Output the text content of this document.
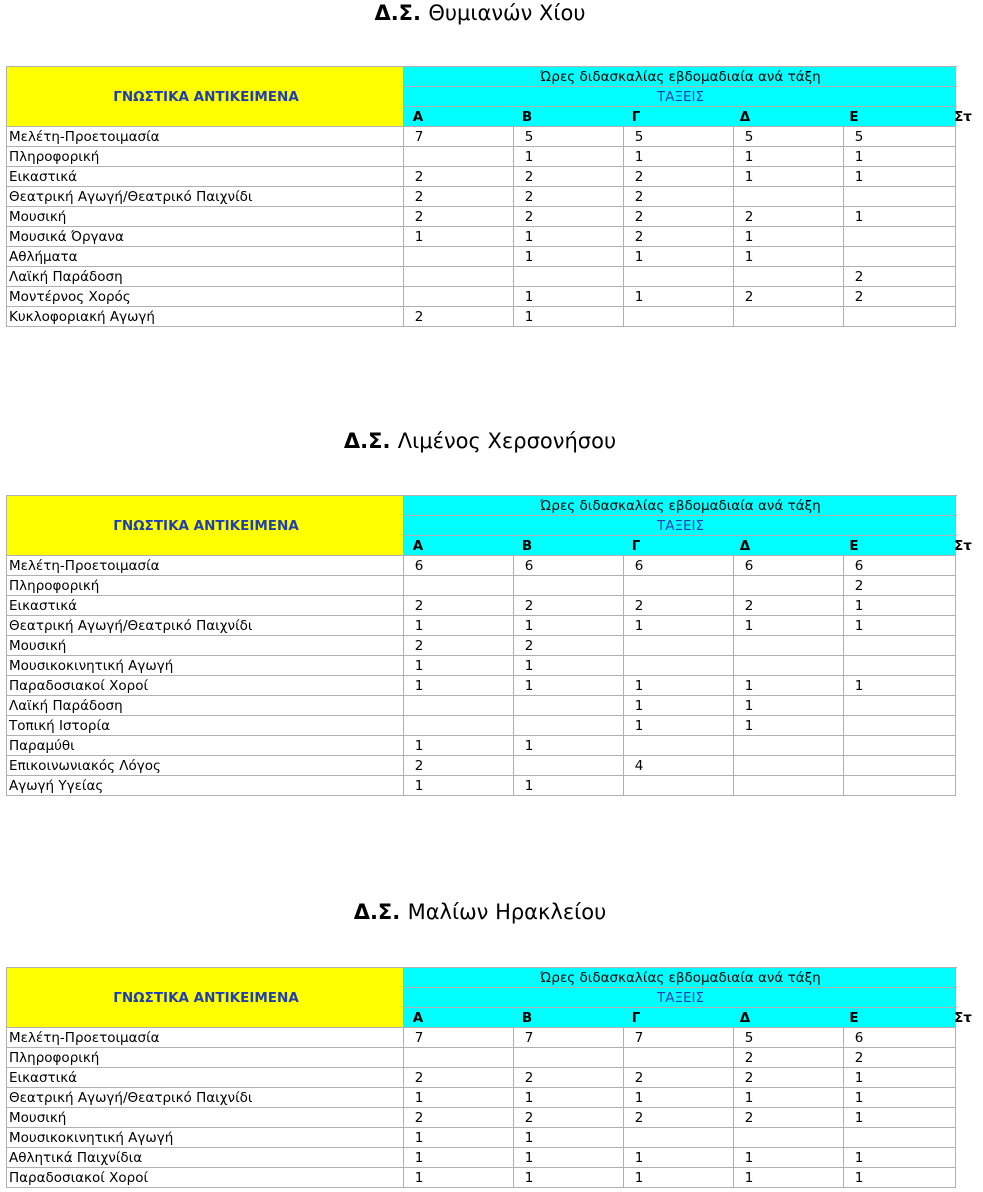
Δ.Σ. Θυμιανών Χίου
ΓΝΩΣΤΙΚΑ ΑΝΤΙΚΕΙΜΕΝΑ	Ώρες διδασκαλίας εβδομαδιαία ανά τάξη					
	ΤΑΞΕΙΣ					
	Α Β Γ Δ Ε Στ					
Μελέτη-Προετοιμασία	7	5	5	5	5	
Πληροφορική		1	1	1	1	
Εικαστικά	2	2	2	1	1	
Θεατρική Αγωγή/Θεατρικό Παιχνίδι	2	2	2			
Μουσική	2	2	2	2	1	
Μουσικά Όργανα	1	1	2	1		
Αθλήματα		1	1	1		
Λαϊκή Παράδοση					2	
Μοντέρνος Χορός		1	1	2	2	
Κυκλοφοριακή Αγωγή	2	1				
Δ.Σ. Λιμένος Χερσονήσου
ΓΝΩΣΤΙΚΑ ΑΝΤΙΚΕΙΜΕΝΑ	Ώρες διδασκαλίας εβδομαδιαία ανά τάξη					
	ΤΑΞΕΙΣ					
	Α Β Γ Δ Ε Στ					
Μελέτη-Προετοιμασία	6	6	6	6	6	
Πληροφορική					2	
Εικαστικά	2	2	2	2	1	
Θεατρική Αγωγή/Θεατρικό Παιχνίδι	1	1	1	1	1	
Μουσική	2	2				
Μουσικοκινητική Αγωγή	1	1				
Παραδοσιακοί Χοροί	1	1	1	1	1	
Λαϊκή Παράδοση			1	1		
Τοπική Ιστορία			1	1		
Παραμύθι	1	1				
Επικοινωνιακός Λόγος	2		4			
Αγωγή Υγείας	1	1				
Δ.Σ. Μαλίων Ηρακλείου
ΓΝΩΣΤΙΚΑ ΑΝΤΙΚΕΙΜΕΝΑ	Ώρες διδασκαλίας εβδομαδιαία ανά τάξη					
	ΤΑΞΕΙΣ					
	Α Β Γ Δ Ε Στ					
Μελέτη-Προετοιμασία	7	7	7	5	6	
Πληροφορική				2	2	
Εικαστικά	2	2	2	2	1	
Θεατρική Αγωγή/Θεατρικό Παιχνίδι	1	1	1	1	1	
Μουσική	2	2	2	2	1	
Μουσικοκινητική Αγωγή	1	1				
Αθλητικά Παιχνίδια	1	1	1	1	1	
Παραδοσιακοί Χοροί	1	1	1	1	1	
